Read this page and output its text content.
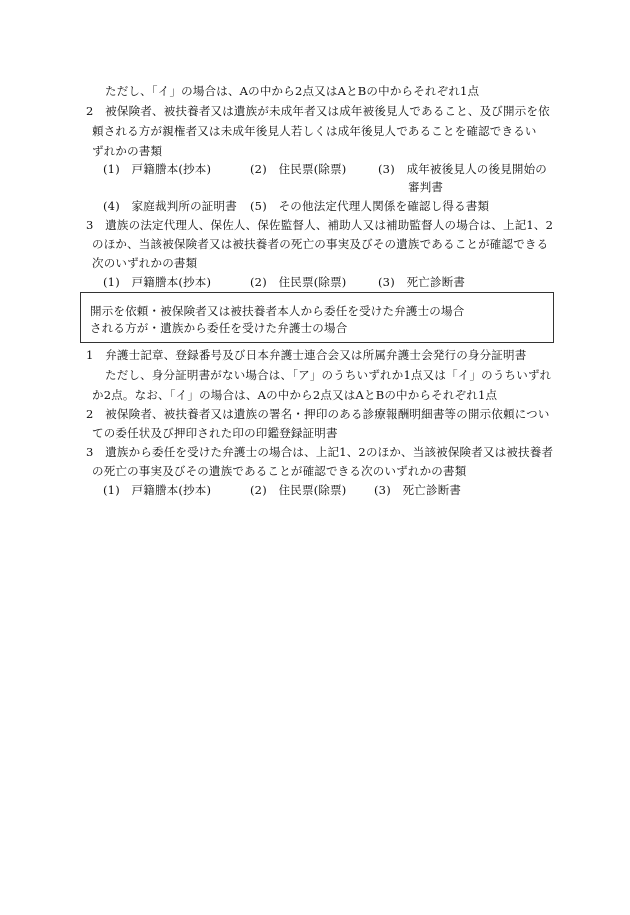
ただし、「イ」の場合は、Aの中から2点又はAとBの中からそれぞれ1点
2　被保険者、被扶養者又は遺族が未成年者又は成年被後見人であること、及び開示を依
頼される方が親権者又は未成年後見人若しくは成年後見人であることを確認できるい
ずれかの書類
(1)　戸籍謄本(抄本)	(2)　住民票(除票)	(3)　成年被後見人の後見開始の
審判書
(4)　家庭裁判所の証明書 (5)　その他法定代理人関係を確認し得る書類
3　遺族の法定代理人、保佐人、保佐監督人、補助人又は補助監督人の場合は、上記1、2
のほか、当該被保険者又は被扶養者の死亡の事実及びその遺族であることが確認できる
次のいずれかの書類
(1)　戸籍謄本(抄本)	(2)　住民票(除票)	(3)　死亡診断書
開示を依頼・被保険者又は被扶養者本人から委任を受けた弁護士の場合
される方が・遺族から委任を受けた弁護士の場合
1　弁護士記章、登録番号及び日本弁護士連合会又は所属弁護士会発行の身分証明書
ただし、身分証明書がない場合は、「ア」のうちいずれか1点又は「イ」のうちいずれ
か2点。なお、「イ」の場合は、Aの中から2点又はAとBの中からそれぞれ1点
2　被保険者、被扶養者又は遺族の署名・押印のある診療報酬明細書等の開示依頼につい
ての委任状及び押印された印の印鑑登録証明書
3　遺族から委任を受けた弁護士の場合は、上記1、2のほか、当該被保険者又は被扶養者
の死亡の事実及びその遺族であることが確認できる次のいずれかの書類
(1)　戸籍謄本(抄本)	(2)　住民票(除票) (3)　死亡診断書
